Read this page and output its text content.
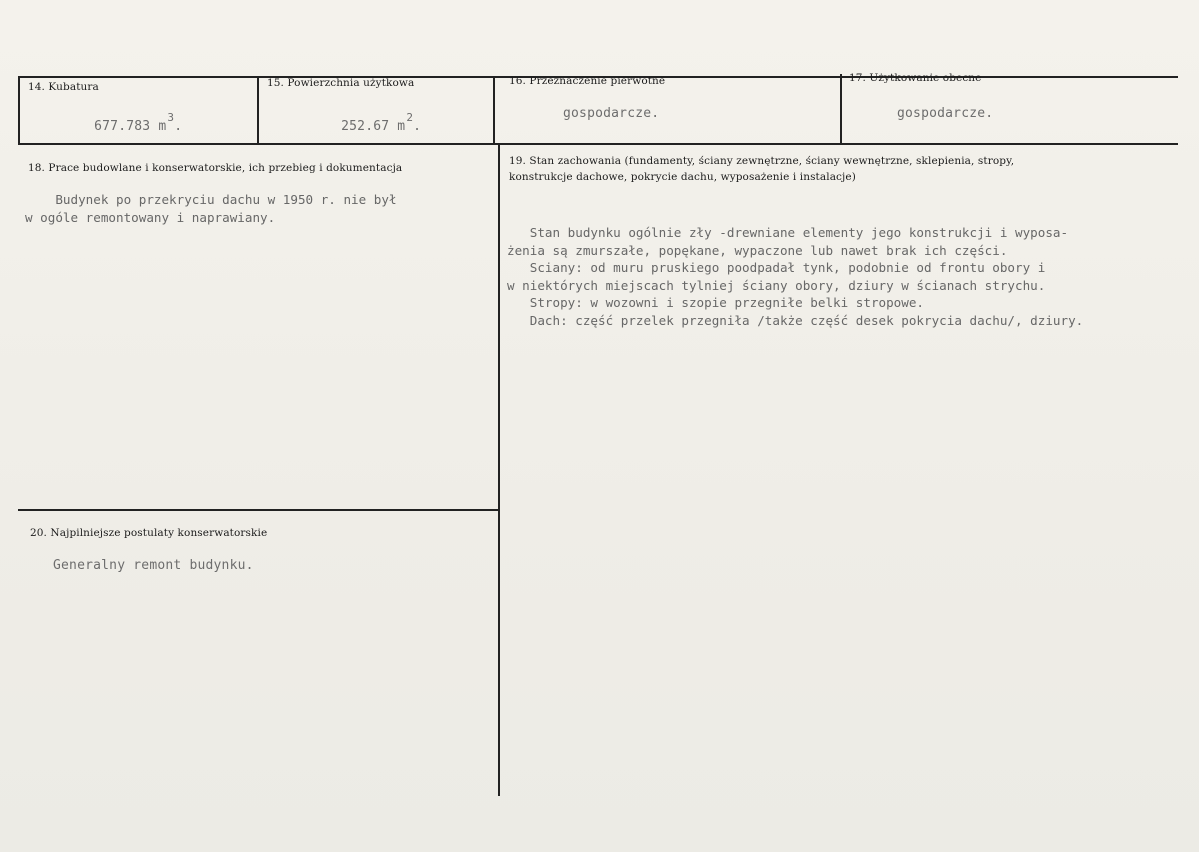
14. Kubatura

677.783 $m^3$.

15. Powierzchnia użytkowa

252.67 $m^2$.

16. Przeznaczenie pierwotne
gospodarcze.
17. Użytkowanie obecne
gospodarcze.
18. Prace budowlane i konserwatorskie, ich przebieg i dokumentacja
Budynek po przekryciu dachu w 1950 r. nie był
w ogóle remontowany i naprawiany.
19. Stan zachowania (fundamenty, ściany zewnętrzne, ściany wewnętrzne, sklepienia, stropy,
konstrukcje dachowe, pokrycie dachu, wyposażenie i instalacje)
Stan budynku ogólnie zły -drewniane elementy jego konstrukcji i wyposa-
żenia są zmurszałe, popękane, wypaczone lub nawet brak ich części.
Sciany: od muru pruskiego poodpadał tynk, podobnie od frontu obory i
w niektórych miejscach tylniej ściany obory, dziury w ścianach strychu.
Stropy: w wozowni i szopie przegniłe belki stropowe.
Dach: część przelek przegniła /także część desek pokrycia dachu/, dziury.
20. Najpilniejsze postulaty konserwatorskie
Generalny remont budynku.
